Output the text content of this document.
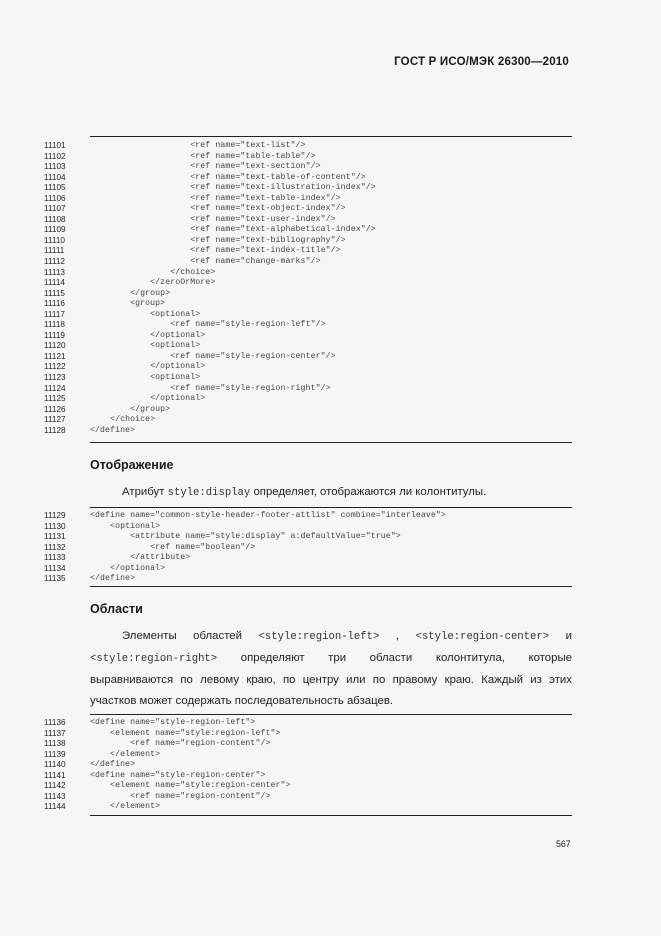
ГОСТ Р ИСО/МЭК 26300—2010
11101	<ref name="text-list"/>
11102	<ref name="table-table"/>
11103	<ref name="text-section"/>
11104	<ref name="text-table-of-content"/>
11105	<ref name="text-illustration-index"/>
11106	<ref name="text-table-index"/>
11107	<ref name="text-object-index"/>
11108	<ref name="text-user-index"/>
11109	<ref name="text-alphabetical-index"/>
11110	<ref name="text-bibliography"/>
11111	<ref name="text-index-title"/>
11112	<ref name="change-marks"/>
11113	</choice>
11114	</zeroOrMore>
11115	</group>
11116	<group>
11117	<optional>
11118	<ref name="style-region-left"/>
11119	</optional>
11120	<optional>
11121	<ref name="style-region-center"/>
11122	</optional>
11123	<optional>
11124	<ref name="style-region-right"/>
11125	</optional>
11126	</group>
11127	</choice>
11128	</define>
Отображение
Атрибут style:display определяет, отображаются ли колонтитулы.
11129	<define name="common-style-header-footer-attlist" combine="interleave">
11130	<optional>
11131	<attribute name="style:display" a:defaultValue="true">
11132	<ref name="boolean"/>
11133	</attribute>
11134	</optional>
11135	</define>
Области
Элементы областей <style:region-left> , <style:region-center> и
<style:region-right> определяют три области колонтитула, которые
выравниваются по левому краю, по центру или по правому краю. Каждый из этих
участков может содержать последовательность абзацев.
11136	<define name="style-region-left">
11137	<element name="style:region-left">
11138	<ref name="region-content"/>
11139	</element>
11140	</define>
11141	<define name="style-region-center">
11142	<element name="style:region-center">
11143	<ref name="region-content"/>
11144	</element>
567
